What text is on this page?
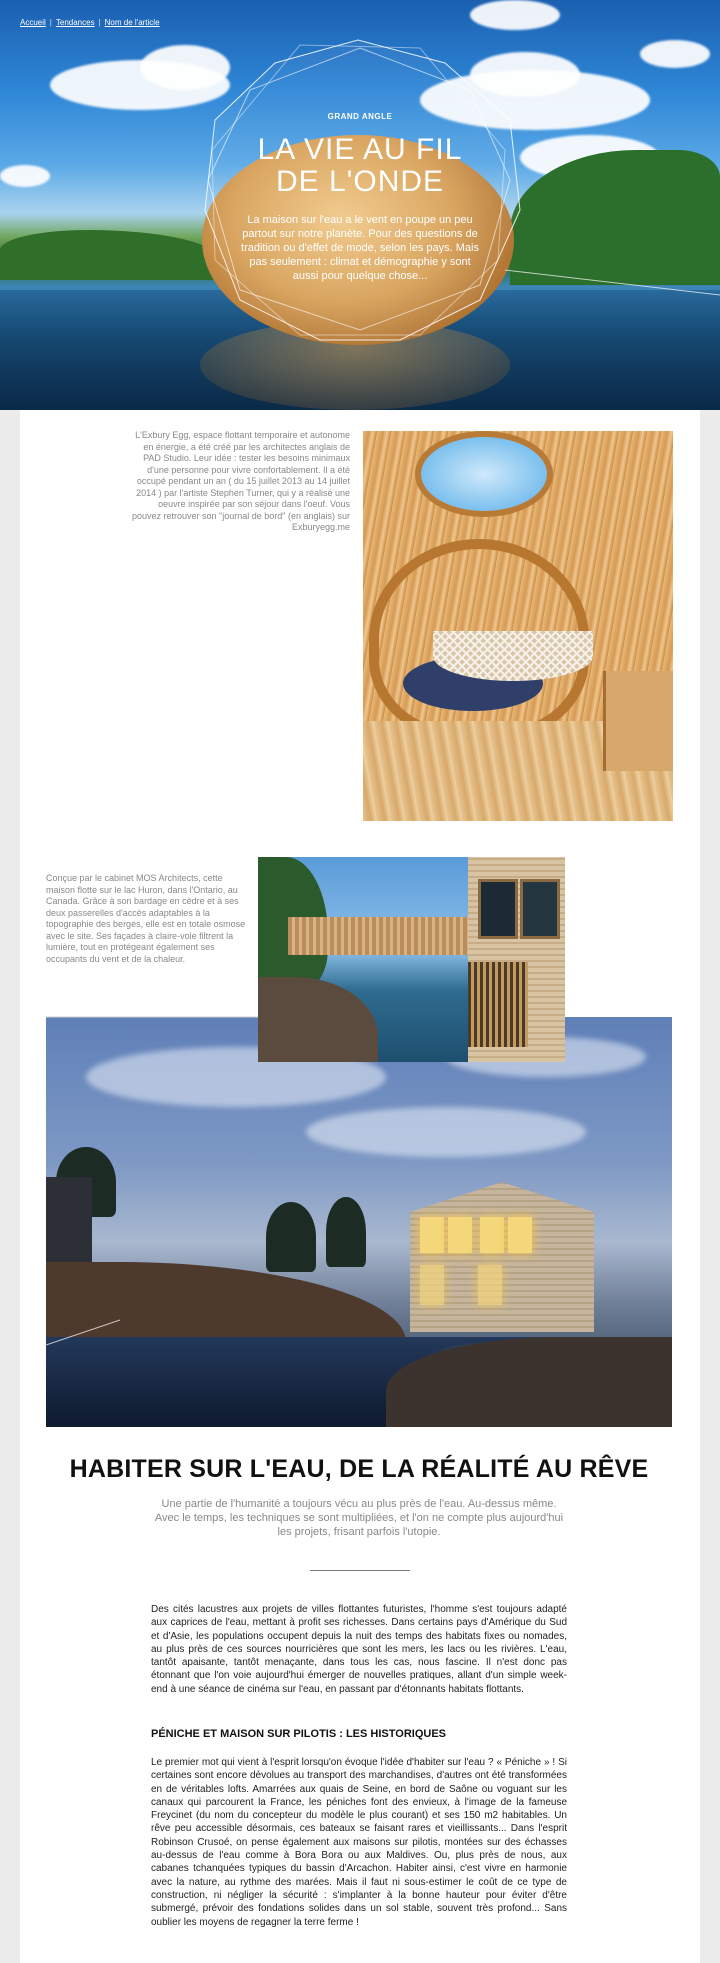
Accueil | Tendances | Nom de l'article
GRAND ANGLE
LA VIE AU FIL
DE L'ONDE
La maison sur l'eau a le vent en poupe un peu partout sur notre planète. Pour des questions de tradition ou d'effet de mode, selon les pays. Mais pas seulement : climat et démographie y sont aussi pour quelque chose...
L'Exbury Egg, espace flottant temporaire et autonome en énergie, a été créé par les architectes anglais de PAD Studio. Leur idée : tester les besoins minimaux d'une personne pour vivre confortablement. Il a été occupé pendant un an ( du 15 juillet 2013 au 14 juillet 2014 ) par l'artiste Stephen Turner, qui y a réalisé une oeuvre inspirée par son séjour dans l'oeuf. Vous pouvez retrouver son "journal de bord" (en anglais) sur Exburyegg.me
Conçue par le cabinet MOS Architects, cette maison flotte sur le lac Huron, dans l'Ontario, au Canada. Grâce à son bardage en cèdre et à ses deux passerelles d'accès adaptables à la topographie des berges, elle est en totale osmose avec le site. Ses façades à claire-voie filtrent la lumière, tout en protégeant également ses occupants du vent et de la chaleur.
HABITER SUR L'EAU, DE LA RÉALITÉ AU RÊVE
Une partie de l'humanité a toujours vécu au plus près de l'eau. Au-dessus même. Avec le temps, les techniques se sont multipliées, et l'on ne compte plus aujourd'hui les projets, frisant parfois l'utopie.
Des cités lacustres aux projets de villes flottantes futuristes, l'homme s'est toujours adapté aux caprices de l'eau, mettant à profit ses richesses. Dans certains pays d'Amérique du Sud et d'Asie, les populations occupent depuis la nuit des temps des habitats fixes ou nomades, au plus près de ces sources nourricières que sont les mers, les lacs ou les rivières. L'eau, tantôt apaisante, tantôt menaçante, dans tous les cas, nous fascine. Il n'est donc pas étonnant que l'on voie aujourd'hui émerger de nouvelles pratiques, allant d'un simple week-end à une séance de cinéma sur l'eau, en passant par d'étonnants habitats flottants.
PÉNICHE ET MAISON SUR PILOTIS : LES HISTORIQUES
Le premier mot qui vient à l'esprit lorsqu'on évoque l'idée d'habiter sur l'eau ? « Péniche » ! Si certaines sont encore dévolues au transport des marchandises, d'autres ont été transformées en de véritables lofts. Amarrées aux quais de Seine, en bord de Saône ou voguant sur les canaux qui parcourent la France, les péniches font des envieux, à l'image de la fameuse Freycinet (du nom du concepteur du modèle le plus courant) et ses 150 m2 habitables. Un rêve peu accessible désormais, ces bateaux se faisant rares et vieillissants... Dans l'esprit Robinson Crusoé, on pense également aux maisons sur pilotis, montées sur des échasses au-dessus de l'eau comme à Bora Bora ou aux Maldives. Ou, plus près de nous, aux cabanes tchanquées typiques du bassin d'Arcachon. Habiter ainsi, c'est vivre en harmonie avec la nature, au rythme des marées. Mais il faut ni sous-estimer le coût de ce type de construction, ni négliger la sécurité : s'implanter à la bonne hauteur pour éviter d'être submergé, prévoir des fondations solides dans un sol stable, souvent très profond... Sans oublier les moyens de regagner la terre ferme !
